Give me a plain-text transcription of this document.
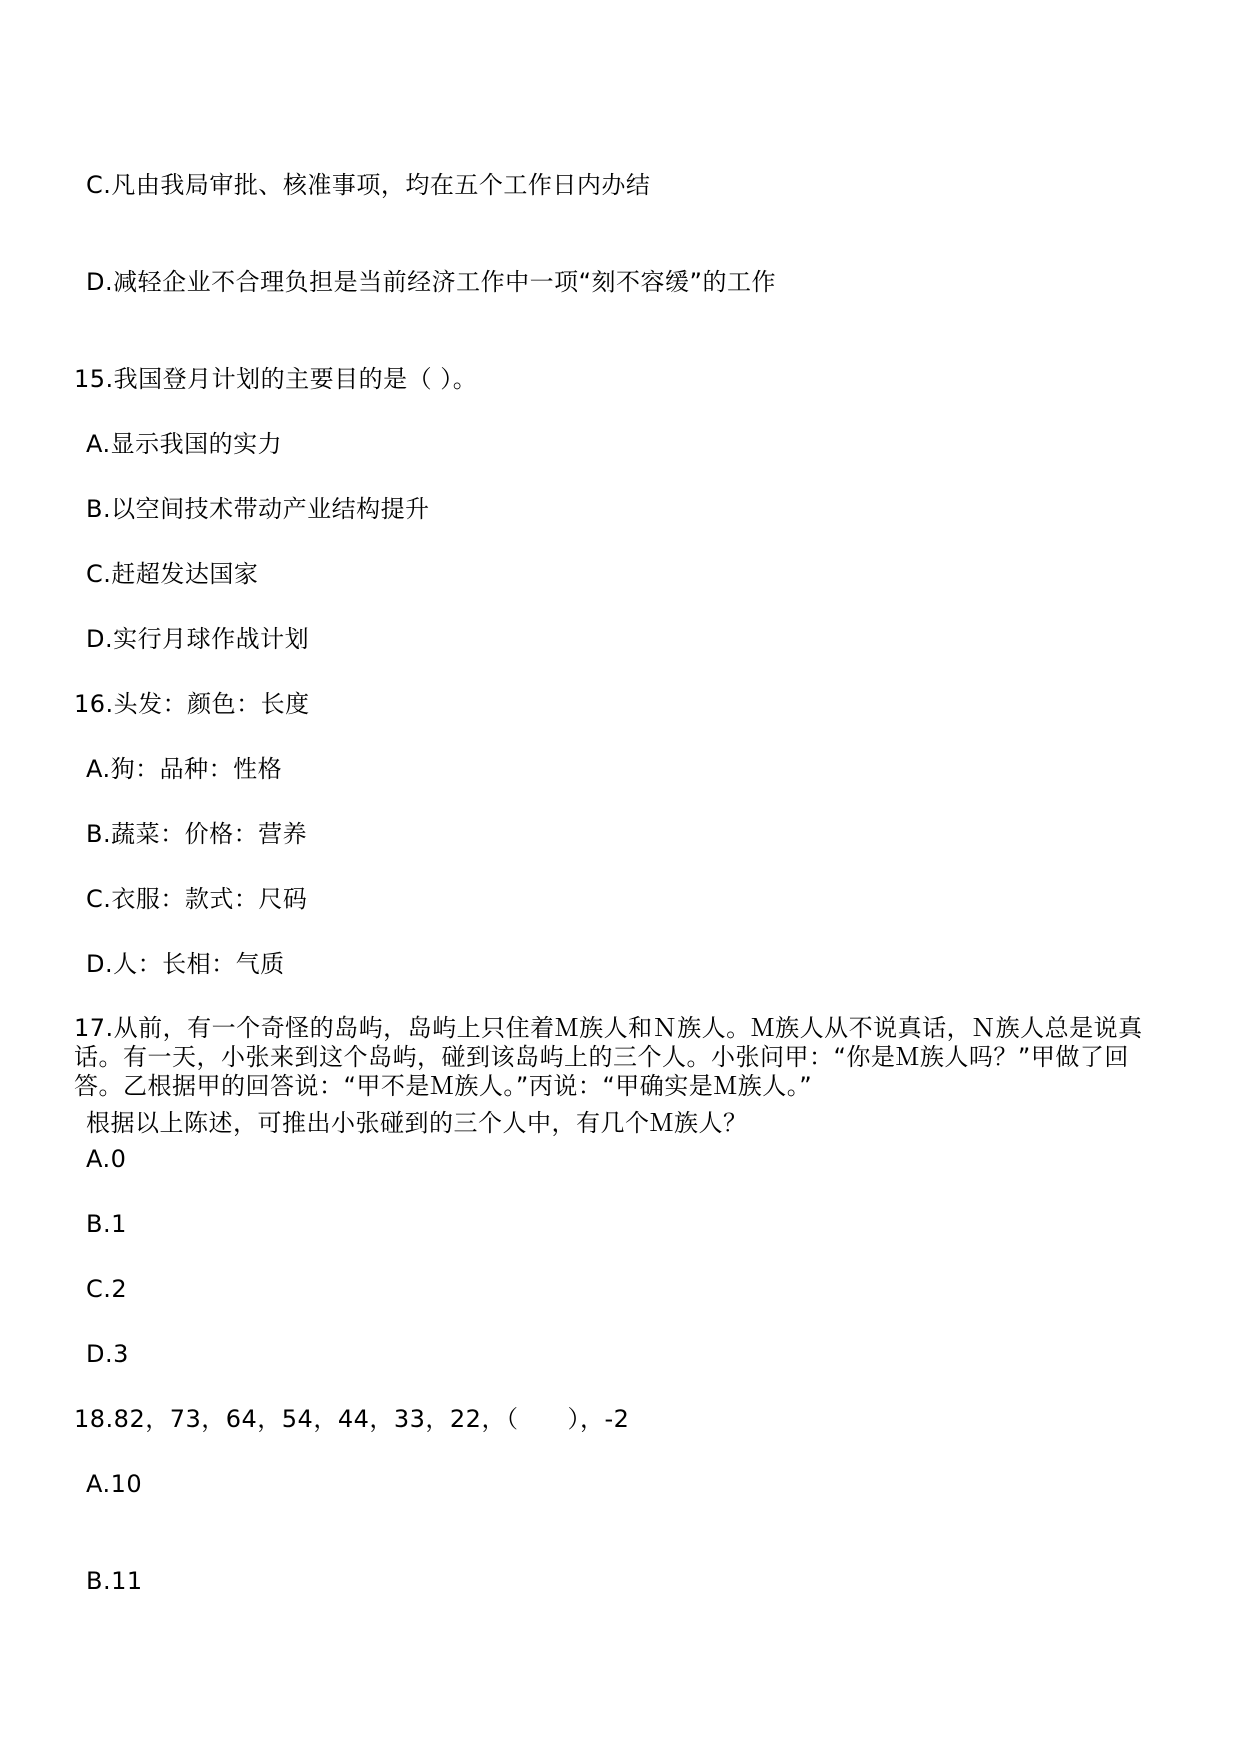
C.凡由我局审批、核准事项，均在五个工作日内办结
D.减轻企业不合理负担是当前经济工作中一项“刻不容缓”的工作
15.我国登月计划的主要目的是（ ）。
A.显示我国的实力
B.以空间技术带动产业结构提升
C.赶超发达国家
D.实行月球作战计划
16.头发：颜色：长度
A.狗：品种：性格
B.蔬菜：价格：营养
C.衣服：款式：尺码
D.人：长相：气质
17.从前，有一个奇怪的岛屿，岛屿上只住着Ｍ族人和Ｎ族人。Ｍ族人从不说真话，Ｎ族人总是说真话。有一天，小张来到这个岛屿，碰到该岛屿上的三个人。小张问甲：“你是Ｍ族人吗？”甲做了回答。乙根据甲的回答说：“甲不是Ｍ族人。”丙说：“甲确实是Ｍ族人。”
根据以上陈述，可推出小张碰到的三个人中，有几个Ｍ族人？
A.0
B.1
C.2
D.3
18.82，73，64，54，44，33，22，（　　），-2
A.10
B.11
